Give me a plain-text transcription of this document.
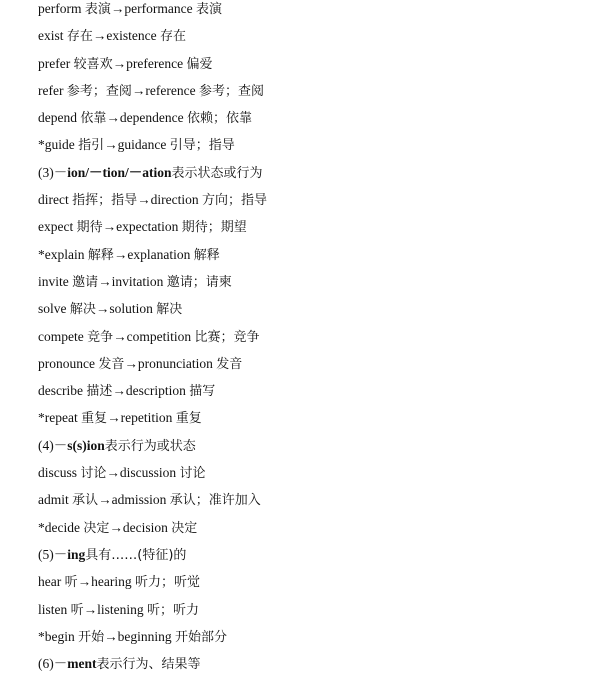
perform 表演→performance 表演
exist 存在→existence 存在
prefer 较喜欢→preference 偏爱
refer 参考；查阅→reference 参考；查阅
depend 依靠→dependence 依赖；依靠
*guide 指引→guidance 引导；指导
(3)－ion/－tion/－ation表示状态或行为
direct 指挥；指导→direction 方向；指导
expect 期待→expectation 期待；期望
*explain 解释→explanation 解释
invite 邀请→invitation 邀请；请柬
solve 解决→solution 解决
compete 竞争→competition 比赛；竞争
pronounce 发音→pronunciation 发音
describe 描述→description 描写
*repeat 重复→repetition 重复
(4)－s(s)ion表示行为或状态
discuss 讨论→discussion 讨论
admit 承认→admission 承认；准许加入
*decide 决定→decision 决定
(5)－ing具有……(特征)的
hear 听→hearing 听力；听觉
listen 听→listening 听；听力
*begin 开始→beginning 开始部分
(6)－ment表示行为、结果等
